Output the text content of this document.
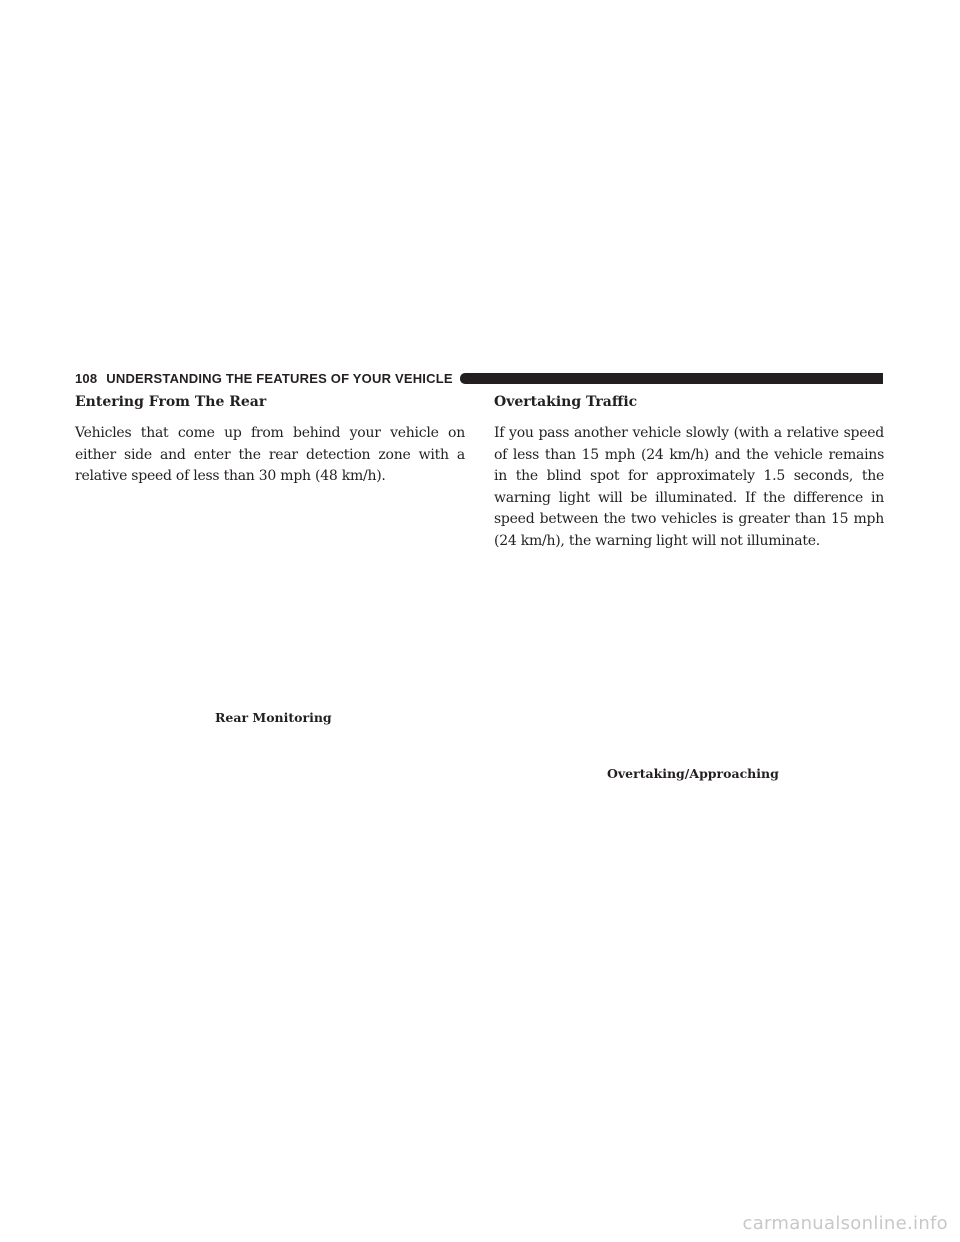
108 UNDERSTANDING THE FEATURES OF YOUR VEHICLE
Entering From The Rear

Vehicles that come up from behind your vehicle on either side and enter the rear detection zone with a relative speed of less than 30 mph (48 km/h).

Overtaking Traffic

If you pass another vehicle slowly (with a relative speed of less than 15 mph (24 km/h) and the vehicle remains in the blind spot for approximately 1.5 seconds, the warning light will be illuminated. If the difference in speed between the two vehicles is greater than 15 mph (24 km/h), the warning light will not illuminate.

Rear Monitoring
Overtaking/Approaching
carmanualsonline.info
